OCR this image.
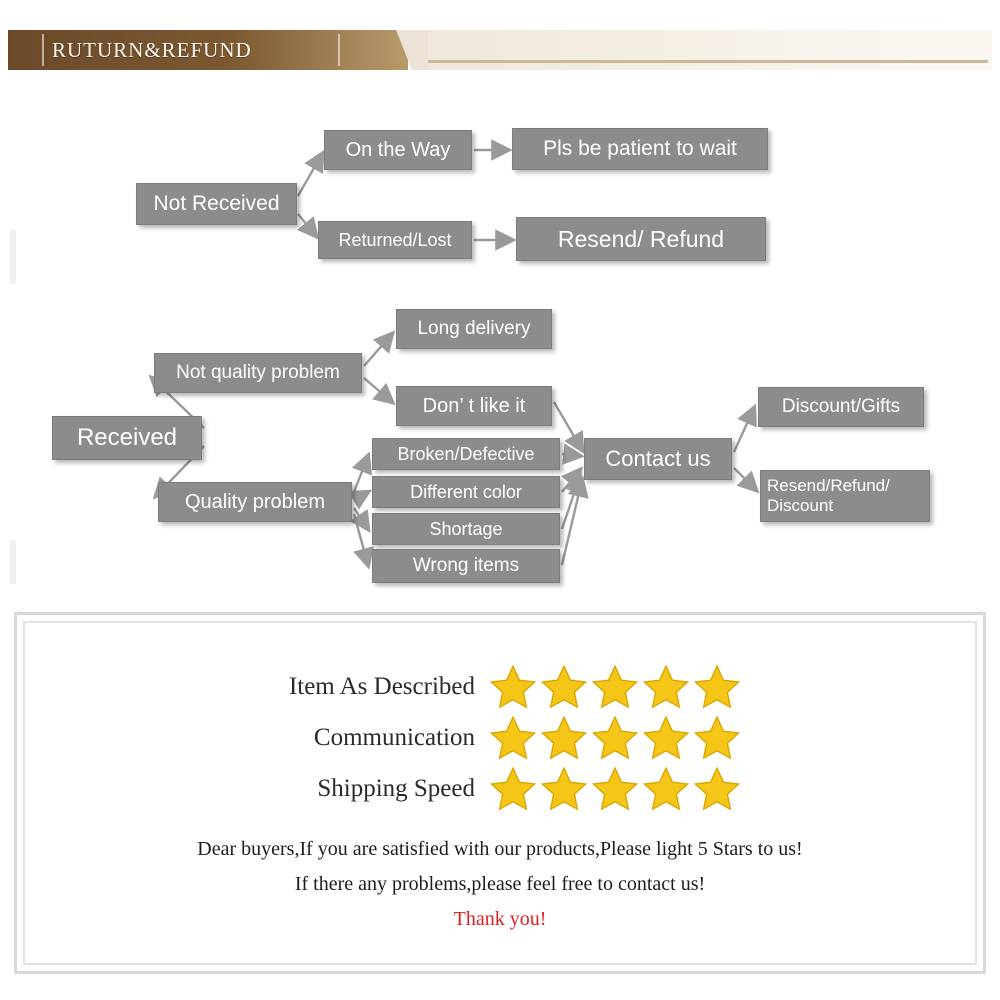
RUTURN&REFUND
Not Received
On the Way	Pls be patient to wait
Returned/Lost	Resend/ Refund
Received
Not quality problem
Quality problem
Long delivery
Don’ t like it
Broken/Defective
Different color
Shortage
Wrong items
Contact us
Discount/Gifts
Resend/Refund/ Discount
Item As Described
Communication
Shipping Speed

Dear buyers,If you are satisfied with our products,Please light 5 Stars to us!

If there any problems,please feel free to contact us!

Thank you!
